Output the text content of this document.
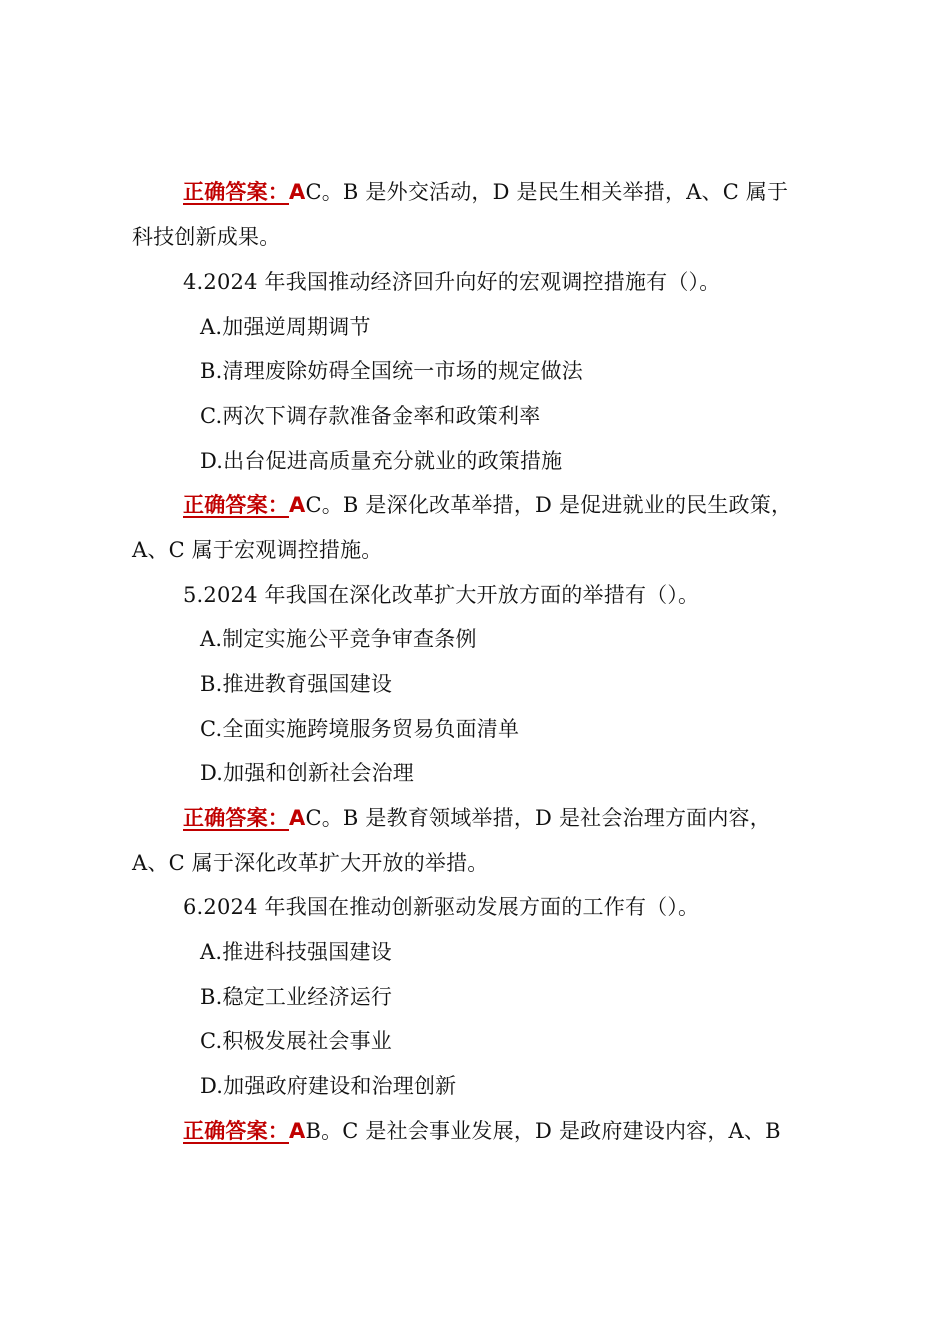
正确答案：AC。B 是外交活动，D 是民生相关举措，A、C 属于
科技创新成果。
4.2024 年我国推动经济回升向好的宏观调控措施有（）。
A.加强逆周期调节
B.清理废除妨碍全国统一市场的规定做法
C.两次下调存款准备金率和政策利率
D.出台促进高质量充分就业的政策措施
正确答案：AC。B 是深化改革举措，D 是促进就业的民生政策，
A、C 属于宏观调控措施。
5.2024 年我国在深化改革扩大开放方面的举措有（）。
A.制定实施公平竞争审查条例
B.推进教育强国建设
C.全面实施跨境服务贸易负面清单
D.加强和创新社会治理
正确答案：AC。B 是教育领域举措，D 是社会治理方面内容，
A、C 属于深化改革扩大开放的举措。
6.2024 年我国在推动创新驱动发展方面的工作有（）。
A.推进科技强国建设
B.稳定工业经济运行
C.积极发展社会事业
D.加强政府建设和治理创新
正确答案：AB。C 是社会事业发展，D 是政府建设内容，A、B
